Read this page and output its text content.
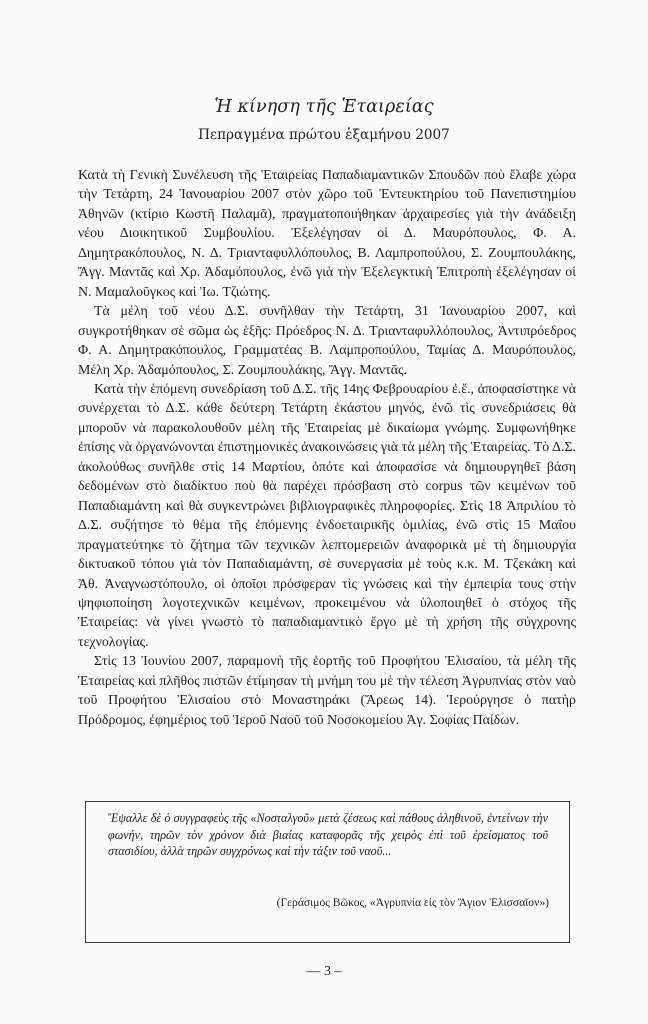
Ἡ κίνηση τῆς Ἑταιρείας
Πεπραγμένα πρώτου ἑξαμήνου 2007

Κατὰ τὴ Γενικὴ Συνέλευση τῆς Ἑταιρείας Παπαδιαμαντικῶν Σπουδῶν ποὺ ἔλαβε χώρα τὴν Τετάρτη, 24 Ἰανουαρίου 2007 στὸν χῶρο τοῦ Ἐντευκτηρίου τοῦ Πανεπιστημίου Ἀθηνῶν (κτίριο Κωστῆ Παλαμᾶ), πραγματοποιήθηκαν ἀρχαιρεσίες γιὰ τὴν ἀνάδειξη νέου Διοικητικοῦ Συμβουλίου. Ἐξελέγησαν οἱ Δ. Μαυρόπουλος, Φ. Α. Δημητρακόπουλος, Ν. Δ. Τριανταφυλλόπουλος, Β. Λαμπροπούλου, Σ. Ζουμπουλάκης, Ἄγγ. Μαντᾶς καὶ Χρ. Ἀδαμόπουλος, ἐνῶ γιὰ τὴν Ἐξελεγκτικὴ Ἐπιτροπὴ ἐξελέγησαν οἱ Ν. Μαμαλοῦγκος καὶ Ἰω. Τζιώτης.

Τὰ μέλη τοῦ νέου Δ.Σ. συνῆλθαν τὴν Τετάρτη, 31 Ἰανουαρίου 2007, καὶ συγκροτήθηκαν σὲ σῶμα ὡς ἑξῆς: Πρόεδρος Ν. Δ. Τριανταφυλλόπουλος, Ἀντιπρόεδρος Φ. Α. Δημητρακόπουλος, Γραμματέας Β. Λαμπροπούλου, Ταμίας Δ. Μαυρόπουλος, Μέλη Χρ. Ἀδαμόπουλος, Σ. Ζουμπουλάκης, Ἄγγ. Μαντᾶς.

Κατὰ τὴν ἑπόμενη συνεδρίαση τοῦ Δ.Σ. τῆς 14ης Φεβρουαρίου ἐ.ἔ., ἀποφασίστηκε νὰ συνέρχεται τὸ Δ.Σ. κάθε δεύτερη Τετάρτη ἑκάστου μηνός, ἐνῶ τὶς συνεδριάσεις θὰ μποροῦν νὰ παρακολουθοῦν μέλη τῆς Ἑταιρείας μὲ δικαίωμα γνώμης. Συμφωνήθηκε ἐπίσης νὰ ὀργανώνονται ἐπιστημονικὲς ἀνακοινώσεις γιὰ τὰ μέλη τῆς Ἑταιρείας. Τὸ Δ.Σ. ἀκολούθως συνῆλθε στὶς 14 Μαρτίου, ὁπότε καὶ ἀποφασίσε νὰ δημιουργηθεῖ βάση δεδομένων στὸ διαδίκτυο ποὺ θὰ παρέχει πρόσβαση στὸ corpus τῶν κειμένων τοῦ Παπαδιαμάντη καὶ θὰ συγκεντρώνει βιβλιογραφικὲς πληροφορίες. Στὶς 18 Ἀπριλίου τὸ Δ.Σ. συζήτησε τὸ θέμα τῆς ἑπόμενης ἐνδοεταιρικῆς ὁμιλίας, ἐνῶ στὶς 15 Μαΐου πραγματεύτηκε τὸ ζήτημα τῶν τεχνικῶν λεπτομερειῶν ἀναφορικὰ μὲ τὴ δημιουργία δικτυακοῦ τόπου γιὰ τὸν Παπαδιαμάντη, σὲ συνεργασία μὲ τοὺς κ.κ. Μ. Τζεκάκη καὶ Ἀθ. Ἀναγνωστόπουλο, οἱ ὁποῖοι πρόσφεραν τὶς γνώσεις καὶ τὴν ἐμπειρία τους στὴν ψηφιοποίηση λογοτεχνικῶν κειμένων, προκειμένου νὰ ὑλοποιηθεῖ ὁ στόχος τῆς Ἑταιρείας: νὰ γίνει γνωστὸ τὸ παπαδιαμαντικὸ ἔργο μὲ τὴ χρήση τῆς σύγχρονης τεχνολογίας.

Στὶς 13 Ἰουνίου 2007, παραμονὴ τῆς ἑορτῆς τοῦ Προφήτου Ἐλισαίου, τὰ μέλη τῆς Ἑταιρείας καὶ πλῆθος πιστῶν ἐτίμησαν τὴ μνήμη του μὲ τὴν τέλεση Ἀγρυπνίας στὸν ναὸ τοῦ Προφήτου Ἐλισαίου στὸ Μοναστηράκι (Ἄρεως 14). Ἱερούργησε ὁ πατὴρ Πρόδρομος, ἐφημέριος τοῦ Ἱεροῦ Ναοῦ τοῦ Νοσοκομείου Ἁγ. Σοφίας Παίδων.

Ἔψαλλε δὲ ὁ συγγραφεὺς τῆς «Νοσταλγοῦ» μετὰ ζέσεως καὶ πάθους ἀληθινοῦ, ἐντείνων τὴν φωνήν, τηρῶν τὸν χρόνον διὰ βιαίας καταφορᾶς τῆς χειρὸς ἐπὶ τοῦ ἐρείσματος τοῦ στασιδίου, ἀλλὰ τηρῶν συγχρόνως καὶ τὴν τάξιν τοῦ ναοῦ...
(Γεράσιμος Βῶκος, «Ἀγρυπνία εἰς τὸν Ἅγιον Ἐλισσαῖον»)
— 3 –
